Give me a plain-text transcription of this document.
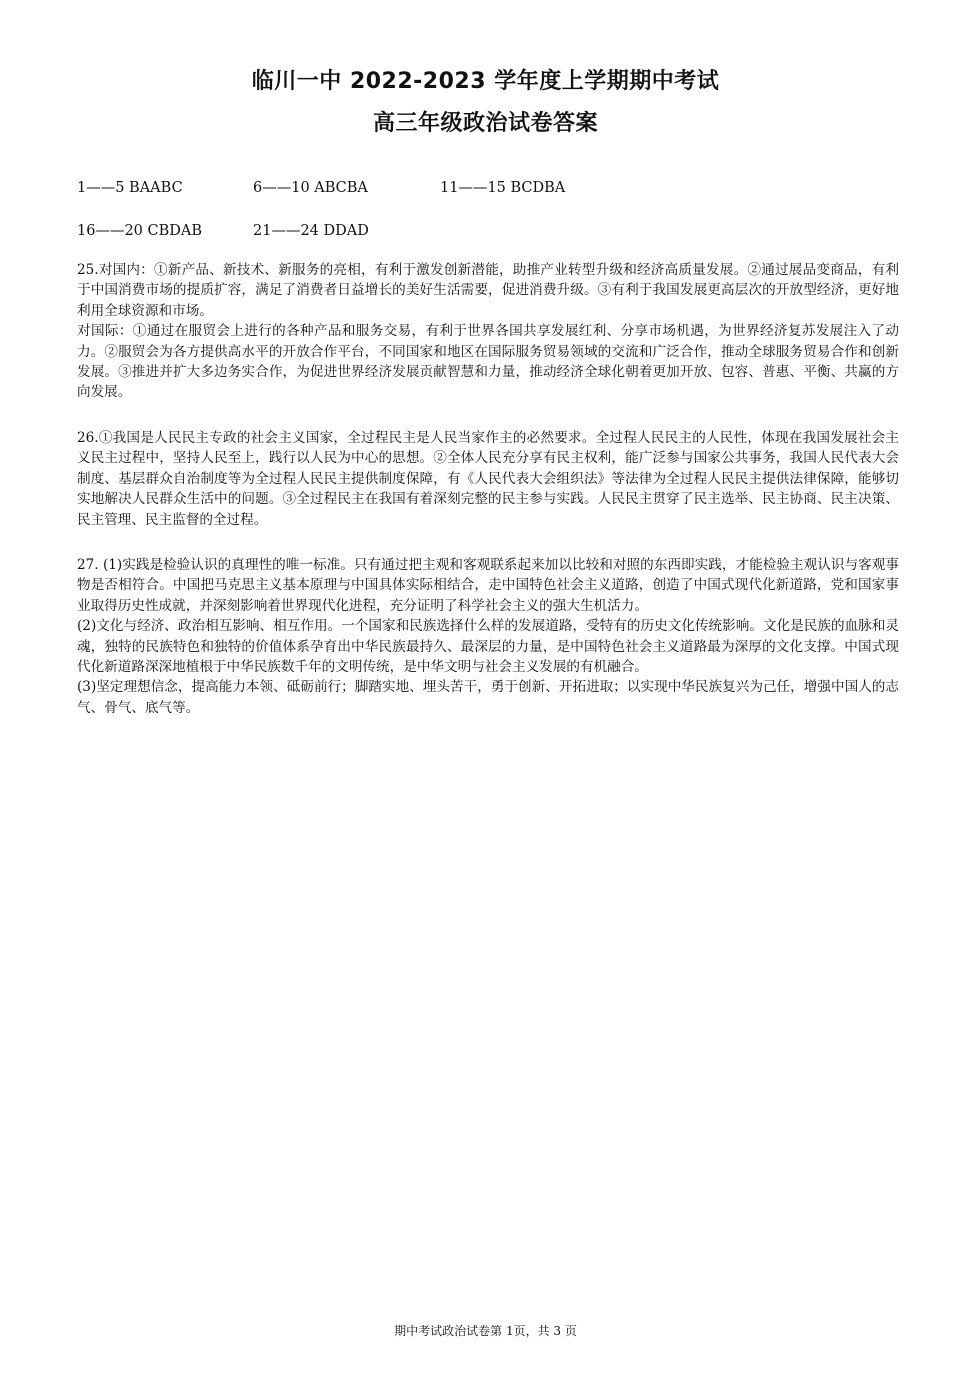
临川一中 2022-2023 学年度上学期期中考试
高三年级政治试卷答案

1——5 BAABC

	6——10 ABCBA

	11——15 BCDBA

16——20 CBDAB

	21——24 DDAD

25.对国内：①新产品、新技术、新服务的亮相，有利于激发创新潜能，助推产业转型升级和经济高质量发展。②通过展品变商品，有利于中国消费市场的提质扩容，满足了消费者日益增长的美好生活需要，促进消费升级。③有利于我国发展更高层次的开放型经济，更好地利用全球资源和市场。

对国际：①通过在服贸会上进行的各种产品和服务交易，有利于世界各国共享发展红利、分享市场机遇，为世界经济复苏发展注入了动力。②服贸会为各方提供高水平的开放合作平台，不同国家和地区在国际服务贸易领域的交流和广泛合作，推动全球服务贸易合作和创新发展。③推进并扩大多边务实合作，为促进世界经济发展贡献智慧和力量，推动经济全球化朝着更加开放、包容、普惠、平衡、共赢的方向发展。

26.①我国是人民民主专政的社会主义国家，全过程民主是人民当家作主的必然要求。全过程人民民主的人民性，体现在我国发展社会主义民主过程中，坚持人民至上，践行以人民为中心的思想。②全体人民充分享有民主权利，能广泛参与国家公共事务，我国人民代表大会制度、基层群众自治制度等为全过程人民民主提供制度保障，有《人民代表大会组织法》等法律为全过程人民民主提供法律保障，能够切实地解决人民群众生活中的问题。③全过程民主在我国有着深刻完整的民主参与实践。人民民主贯穿了民主选举、民主协商、民主决策、民主管理、民主监督的全过程。

27. (1)实践是检验认识的真理性的唯一标准。只有通过把主观和客观联系起来加以比较和对照的东西即实践，才能检验主观认识与客观事物是否相符合。中国把马克思主义基本原理与中国具体实际相结合，走中国特色社会主义道路，创造了中国式现代化新道路，党和国家事业取得历史性成就，并深刻影响着世界现代化进程，充分证明了科学社会主义的强大生机活力。

(2)文化与经济、政治相互影响、相互作用。一个国家和民族选择什么样的发展道路，受特有的历史文化传统影响。文化是民族的血脉和灵魂，独特的民族特色和独特的价值体系孕育出中华民族最持久、最深层的力量，是中国特色社会主义道路最为深厚的文化支撑。中国式现代化新道路深深地植根于中华民族数千年的文明传统，是中华文明与社会主义发展的有机融合。

(3)坚定理想信念，提高能力本领、砥砺前行；脚踏实地、埋头苦干，勇于创新、开拓进取；以实现中华民族复兴为己任，增强中国人的志气、骨气、底气等。

期中考试政治试卷第 1页，共 3 页
